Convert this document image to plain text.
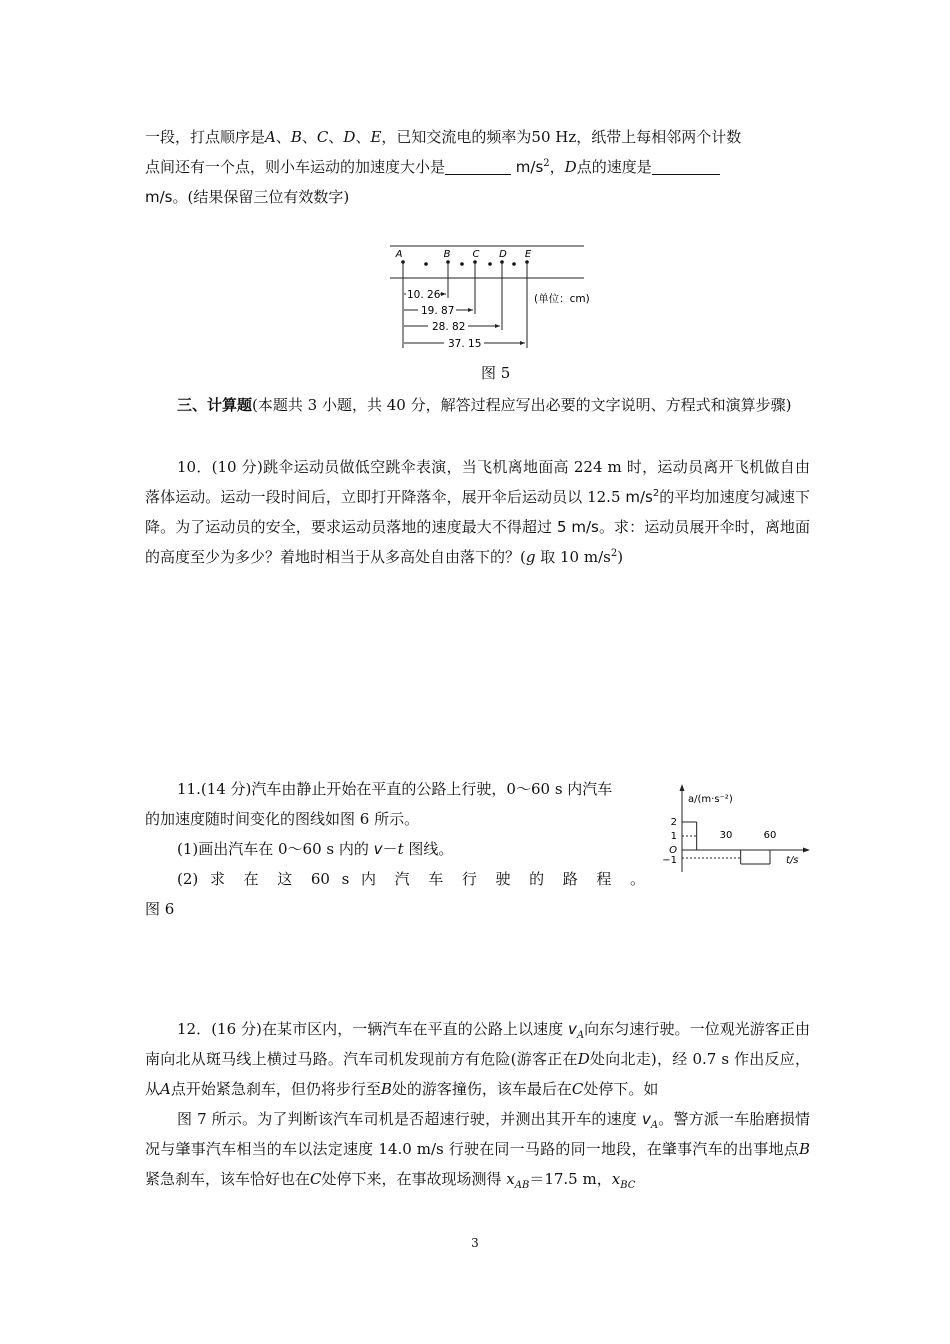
一段，打点顺序是A、B、C、D、E，已知交流电的频率为50 Hz，纸带上每相邻两个计数
点间还有一个点，则小车运动的加速度大小是	$m/s^2$，D点的速度是
m/s。(结果保留三位有效数字)

A	B C D E
10. 26
19. 87
28. 82
37. 15
(单位：cm)
图 5

三、计算题(本题共 3 小题，共 40 分，解答过程应写出必要的文字说明、方程式和演算步骤)

10．(10 分)跳伞运动员做低空跳伞表演，当飞机离地面高 224 m 时，运动员离开飞机做自由落体运动。运动一段时间后，立即打开降落伞，展开伞后运动员以 12.5 $m/s^2$的平均加速度匀减速下降。为了运动员的安全，要求运动员落地的速度最大不得超过 5 m/s。求：运动员展开伞时，离地面的高度至少为多少？着地时相当于从多高处自由落下的？(g 取 10 $m/s^2$)

11.(14 分)汽车由静止开始在平直的公路上行驶，0～60 s 内汽车
的加速度随时间变化的图线如图 6 所示。
(1)画出汽车在 0～60 s 内的 v－t 图线。
(2) 求 在 这 60 s 内 汽 车 行 驶 的 路 程 。
图 6
a/(m·s⁻²)
t/s
2
1
O
−1
30	60
12．(16 分)在某市区内，一辆汽车在平直的公路上以速度 $v_A$向东匀速行驶。一位观光游客正由南向北从斑马线上横过马路。汽车司机发现前方有危险(游客正在D处向北走)，经 0.7 s 作出反应，从A点开始紧急刹车，但仍将步行至B处的游客撞伤，该车最后在C处停下。如
图 7 所示。为了判断该汽车司机是否超速行驶，并测出其开车的速度 $v_A$。警方派一车胎磨损情况与肇事汽车相当的车以法定速度 14.0 m/s 行驶在同一马路的同一地段，在肇事汽车的出事地点B紧急刹车，该车恰好也在C处停下来，在事故现场测得 $x_{AB}=17.5$ m，$x_{BC}$
3
